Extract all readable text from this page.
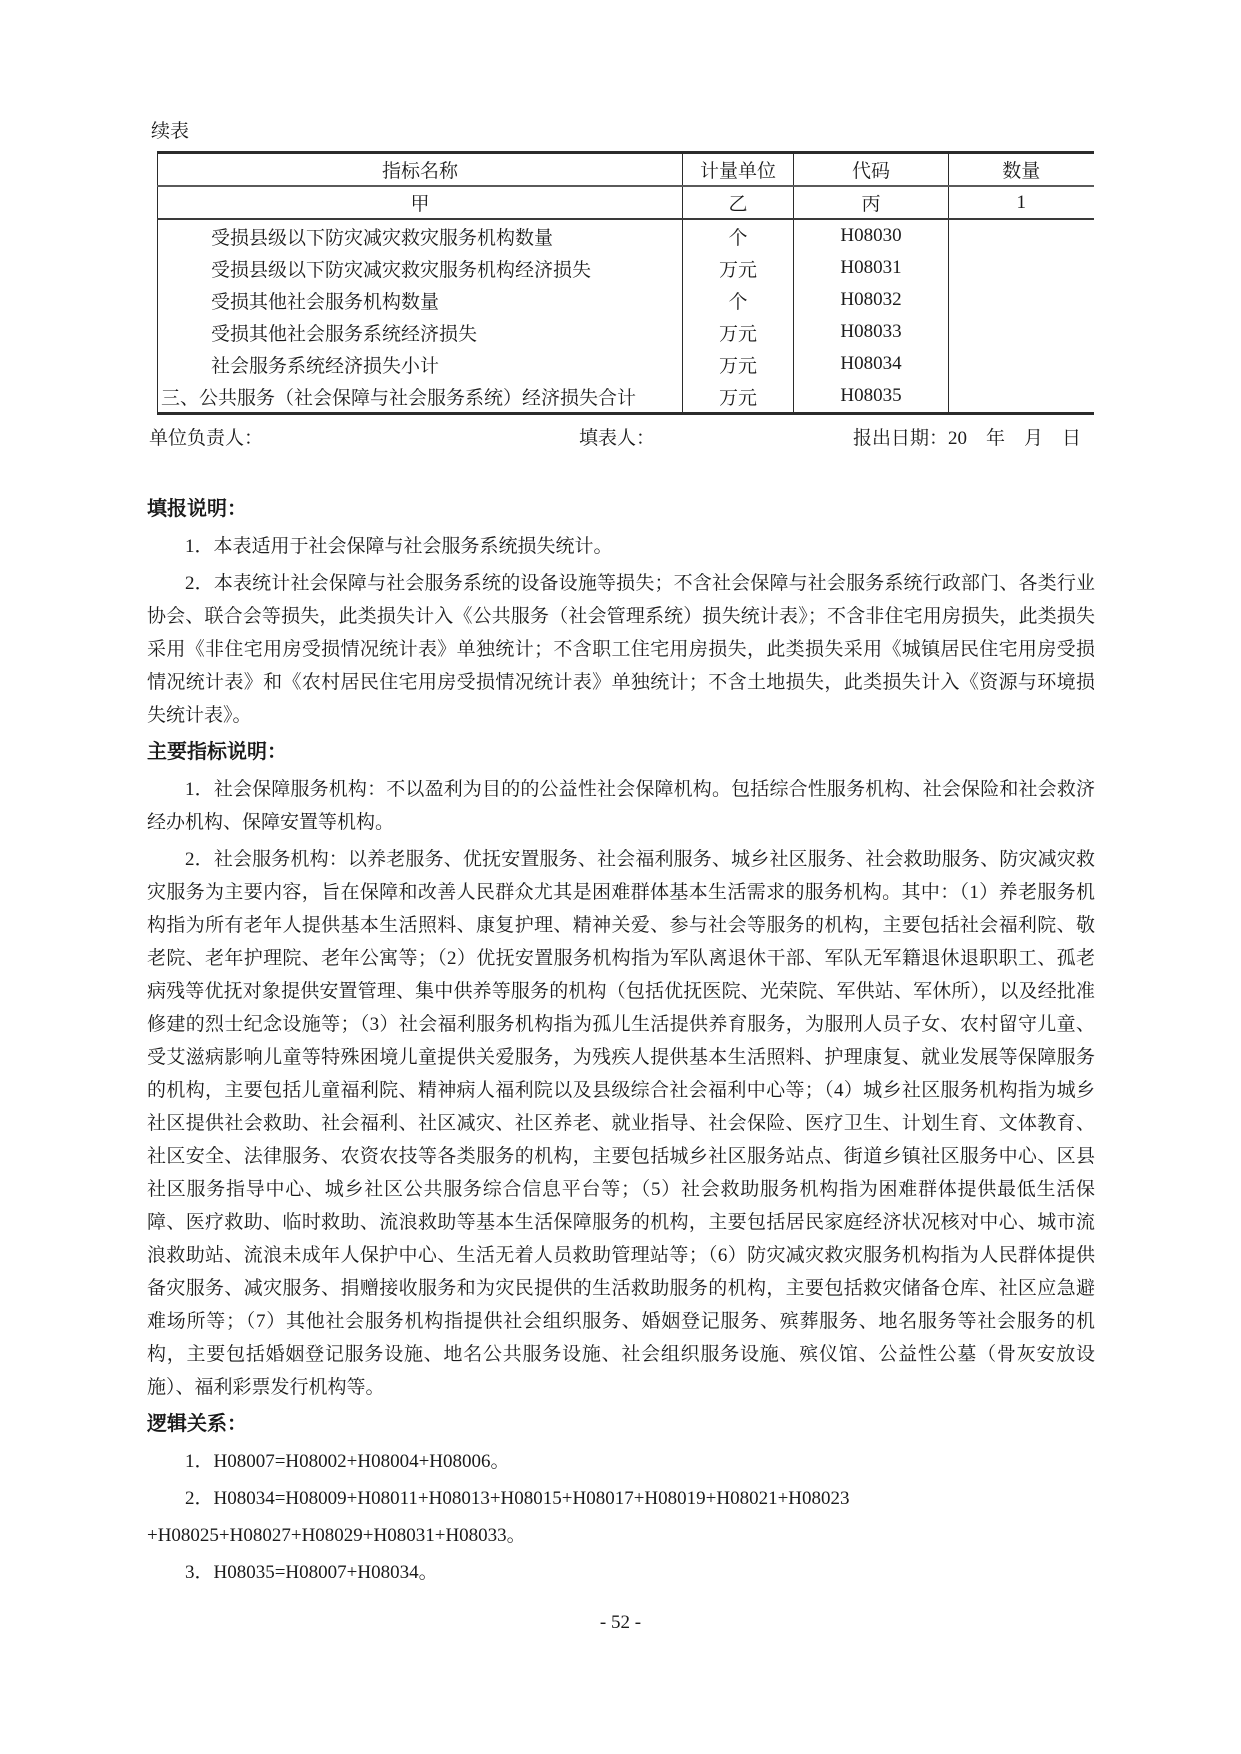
续表
指标名称	计量单位	代码	数量
甲	乙	丙	1
受损县级以下防灾减灾救灾服务机构数量	个	H08030	
受损县级以下防灾减灾救灾服务机构经济损失	万元	H08031	
受损其他社会服务机构数量	个	H08032	
受损其他社会服务系统经济损失	万元	H08033	
社会服务系统经济损失小计	万元	H08034	
三、公共服务（社会保障与社会服务系统）经济损失合计	万元	H08035	
单位负责人：	填表人：	报出日期：20　年　月　日
填报说明：

1．本表适用于社会保障与社会服务系统损失统计。

2．本表统计社会保障与社会服务系统的设备设施等损失；不含社会保障与社会服务系统行政部门、各类行业协会、联合会等损失，此类损失计入《公共服务（社会管理系统）损失统计表》；不含非住宅用房损失，此类损失采用《非住宅用房受损情况统计表》单独统计；不含职工住宅用房损失，此类损失采用《城镇居民住宅用房受损情况统计表》和《农村居民住宅用房受损情况统计表》单独统计；不含土地损失，此类损失计入《资源与环境损失统计表》。

主要指标说明：

1．社会保障服务机构：不以盈利为目的的公益性社会保障机构。包括综合性服务机构、社会保险和社会救济经办机构、保障安置等机构。

2．社会服务机构：以养老服务、优抚安置服务、社会福利服务、城乡社区服务、社会救助服务、防灾减灾救灾服务为主要内容，旨在保障和改善人民群众尤其是困难群体基本生活需求的服务机构。其中：（1）养老服务机构指为所有老年人提供基本生活照料、康复护理、精神关爱、参与社会等服务的机构，主要包括社会福利院、敬老院、老年护理院、老年公寓等；（2）优抚安置服务机构指为军队离退休干部、军队无军籍退休退职职工、孤老病残等优抚对象提供安置管理、集中供养等服务的机构（包括优抚医院、光荣院、军供站、军休所），以及经批准修建的烈士纪念设施等；（3）社会福利服务机构指为孤儿生活提供养育服务，为服刑人员子女、农村留守儿童、受艾滋病影响儿童等特殊困境儿童提供关爱服务，为残疾人提供基本生活照料、护理康复、就业发展等保障服务的机构，主要包括儿童福利院、精神病人福利院以及县级综合社会福利中心等；（4）城乡社区服务机构指为城乡社区提供社会救助、社会福利、社区减灾、社区养老、就业指导、社会保险、医疗卫生、计划生育、文体教育、社区安全、法律服务、农资农技等各类服务的机构，主要包括城乡社区服务站点、街道乡镇社区服务中心、区县社区服务指导中心、城乡社区公共服务综合信息平台等；（5）社会救助服务机构指为困难群体提供最低生活保障、医疗救助、临时救助、流浪救助等基本生活保障服务的机构，主要包括居民家庭经济状况核对中心、城市流浪救助站、流浪未成年人保护中心、生活无着人员救助管理站等；（6）防灾减灾救灾服务机构指为人民群体提供备灾服务、减灾服务、捐赠接收服务和为灾民提供的生活救助服务的机构，主要包括救灾储备仓库、社区应急避难场所等；（7）其他社会服务机构指提供社会组织服务、婚姻登记服务、殡葬服务、地名服务等社会服务的机构，主要包括婚姻登记服务设施、地名公共服务设施、社会组织服务设施、殡仪馆、公益性公墓（骨灰安放设施）、福利彩票发行机构等。

逻辑关系：

1．H08007=H08002+H08004+H08006。

2．H08034=H08009+H08011+H08013+H08015+H08017+H08019+H08021+H08023

+H08025+H08027+H08029+H08031+H08033。

3．H08035=H08007+H08034。

- 52 -
